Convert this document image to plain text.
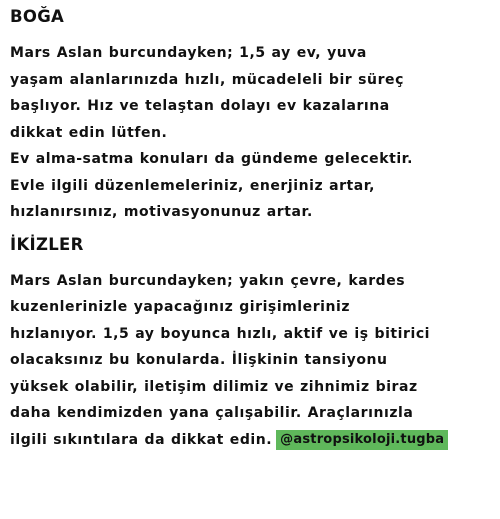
BOĞA
Mars Aslan burcundayken; 1,5 ay ev, yuva
yaşam alanlarınızda hızlı, mücadeleli bir süreç
başlıyor. Hız ve telaştan dolayı ev kazalarına
dikkat edin lütfen.
Ev alma-satma konuları da gündeme gelecektir.
Evle ilgili düzenlemeleriniz, enerjiniz artar,
hızlanırsınız, motivasyonunuz artar.
İKİZLER
Mars Aslan burcundayken; yakın çevre, kardes
kuzenlerinizle yapacağınız girişimleriniz
hızlanıyor. 1,5 ay boyunca hızlı, aktif ve iş bitirici
olacaksınız bu konularda. İlişkinin tansiyonu
yüksek olabilir, iletişim dilimiz ve zihnimiz biraz
daha kendimizden yana çalışabilir. Araçlarınızla
ilgili sıkıntılara da dikkat edin. @astropsikoloji.tugba
